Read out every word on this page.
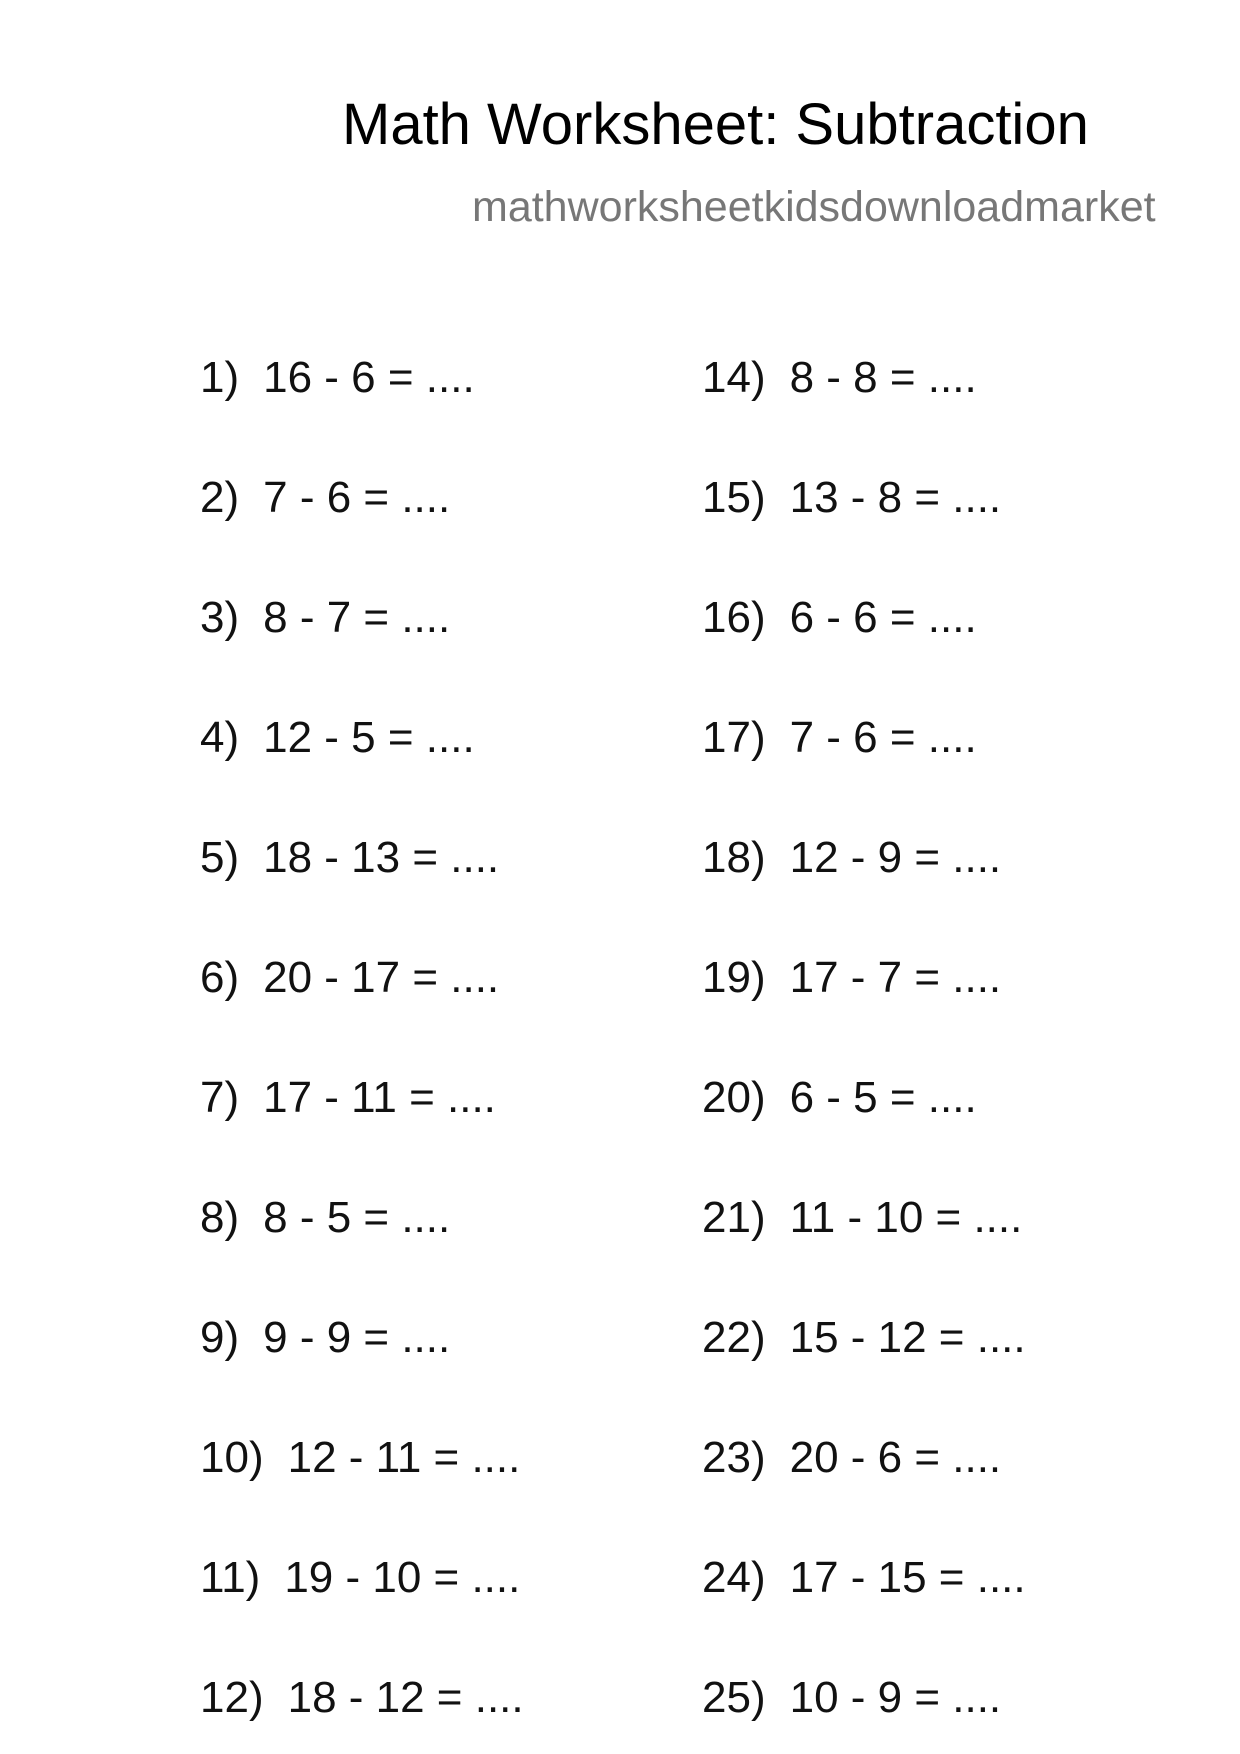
Math Worksheet: Subtraction
mathworksheetkidsdownloadmarket
1) 16 - 6 = ....
2) 7 - 6 = ....
3) 8 - 7 = ....
4) 12 - 5 = ....
5) 18 - 13 = ....
6) 20 - 17 = ....
7) 17 - 11 = ....
8) 8 - 5 = ....
9) 9 - 9 = ....
10) 12 - 11 = ....
11) 19 - 10 = ....
12) 18 - 12 = ....
14) 8 - 8 = ....
15) 13 - 8 = ....
16) 6 - 6 = ....
17) 7 - 6 = ....
18) 12 - 9 = ....
19) 17 - 7 = ....
20) 6 - 5 = ....
21) 11 - 10 = ....
22) 15 - 12 = ....
23) 20 - 6 = ....
24) 17 - 15 = ....
25) 10 - 9 = ....
